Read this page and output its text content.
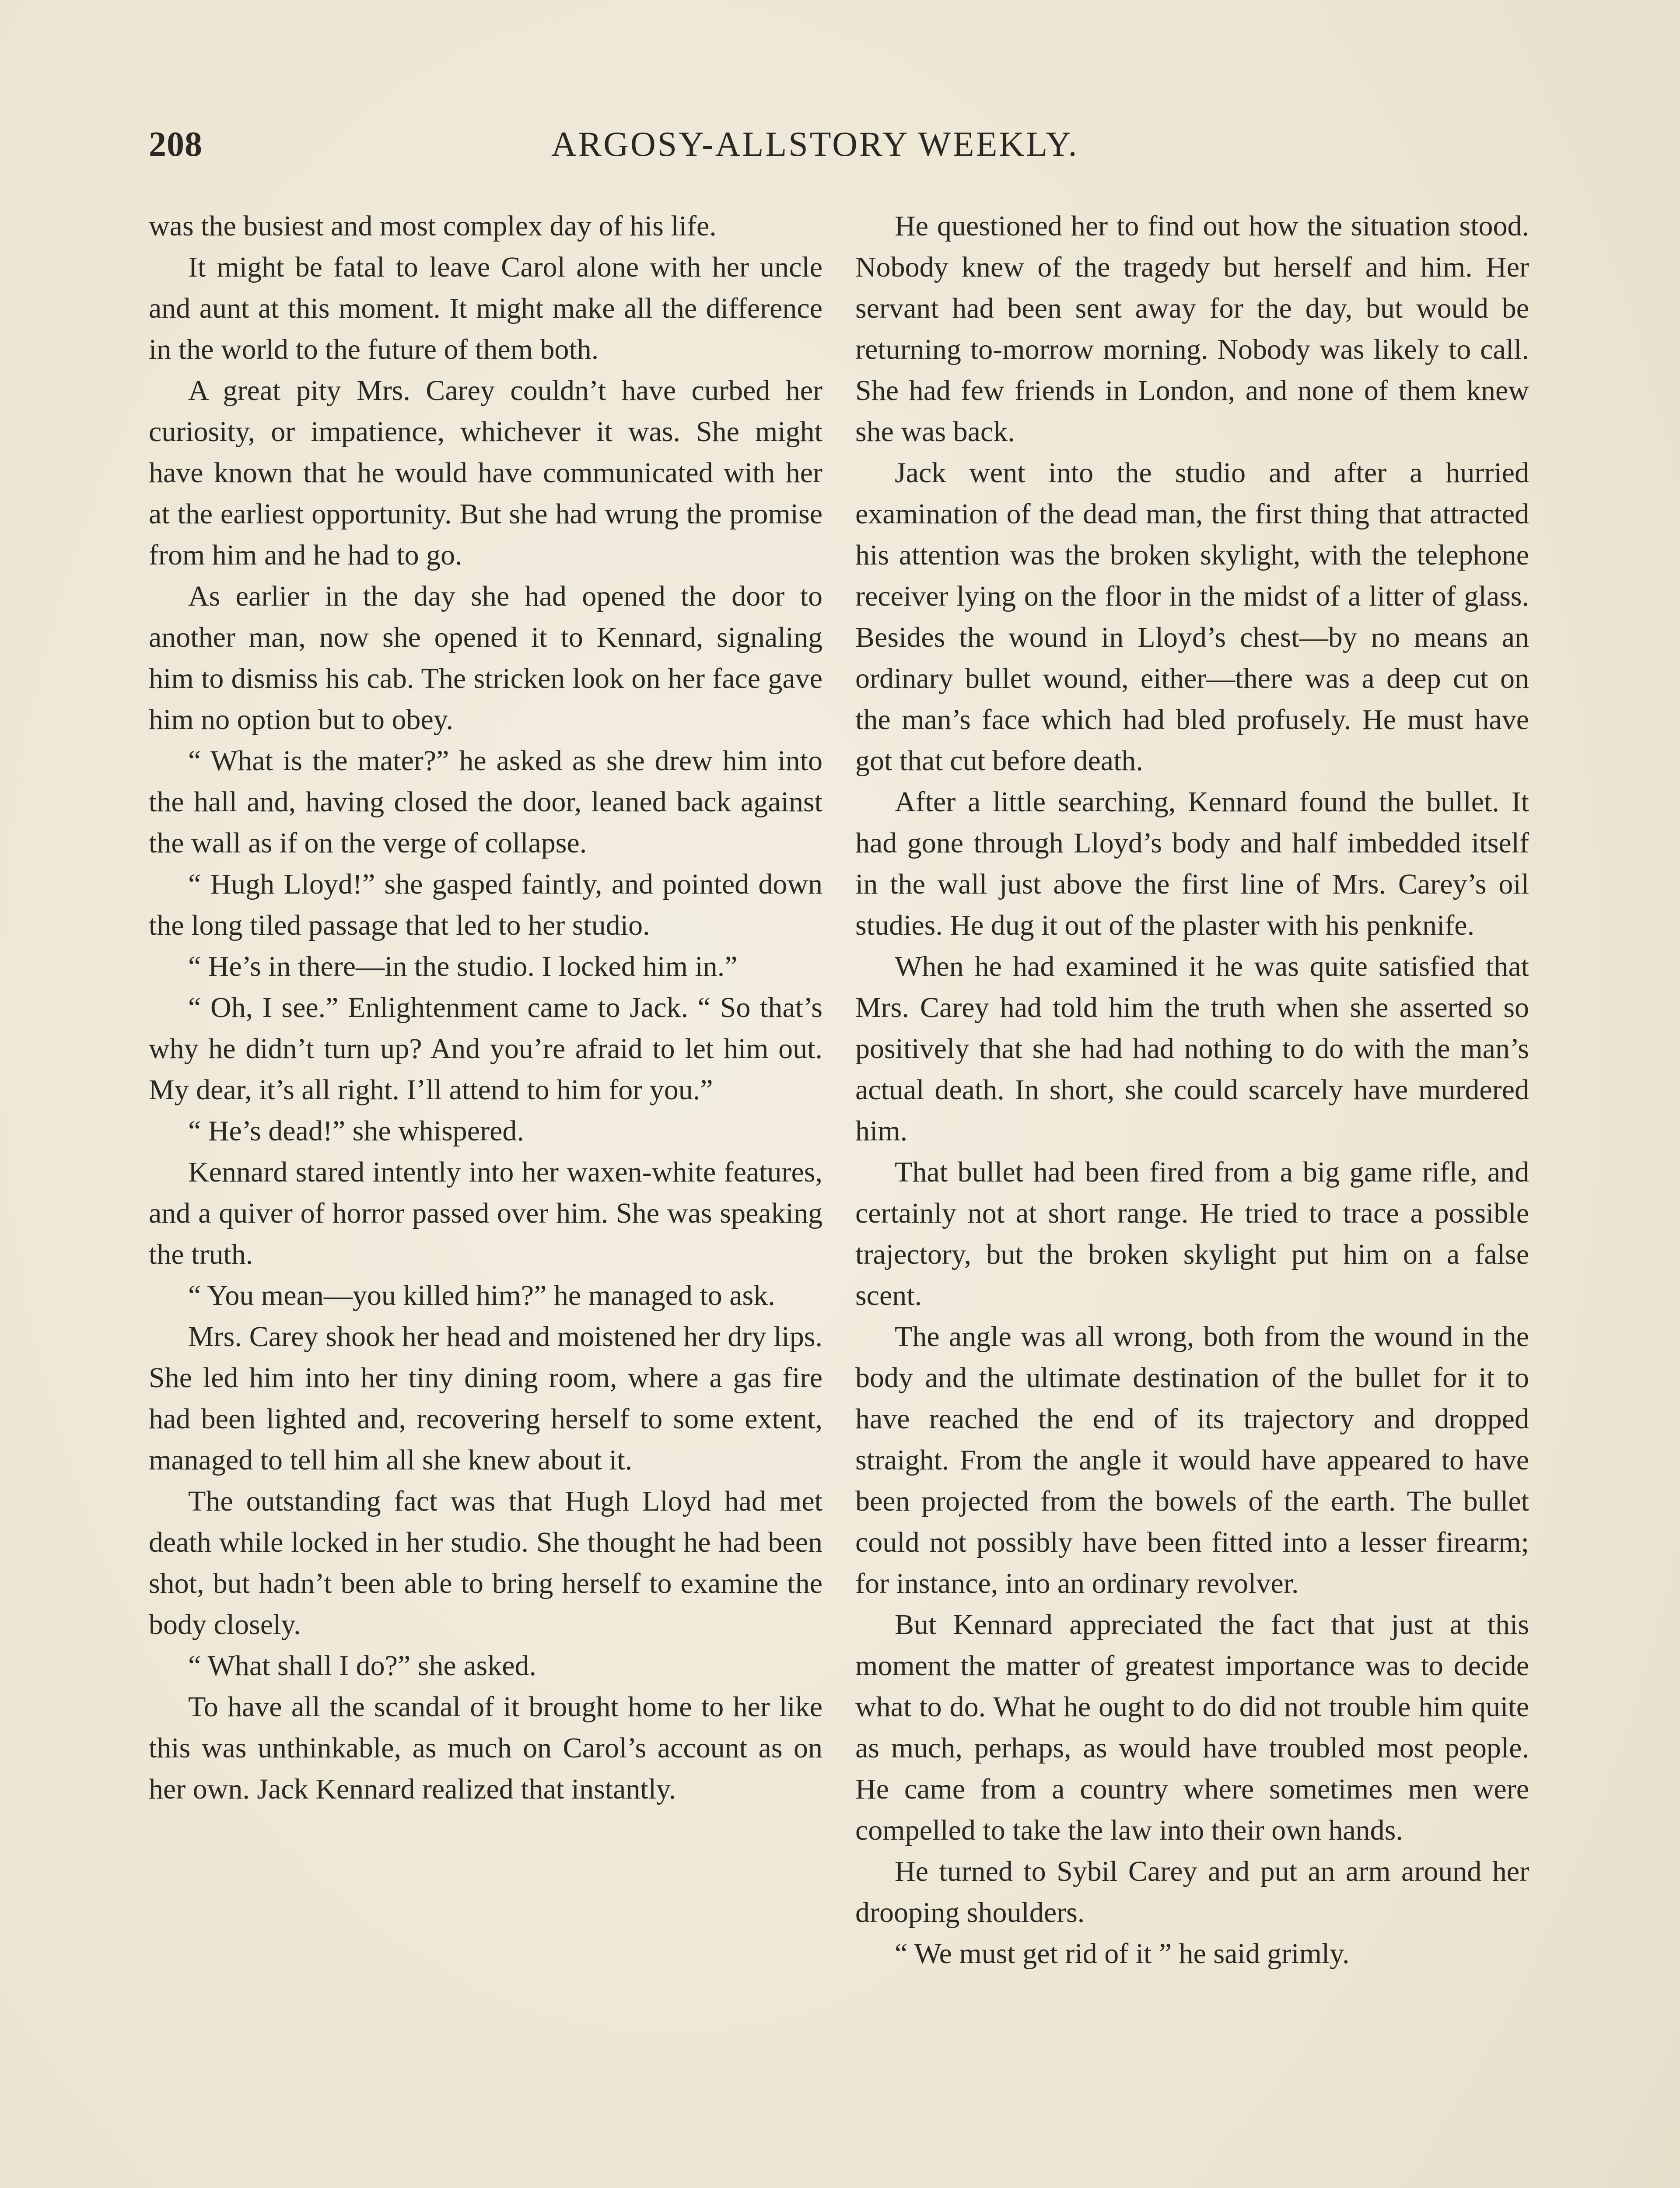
208	ARGOSY-ALLSTORY WEEKLY.

was the busiest and most complex day of his life.

It might be fatal to leave Carol alone with her uncle and aunt at this moment. It might make all the difference in the world to the future of them both.

A great pity Mrs. Carey couldn’t have curbed her curiosity, or impatience, whichever it was. She might have known that he would have communicated with her at the earliest opportunity. But she had wrung the promise from him and he had to go.

As earlier in the day she had opened the door to another man, now she opened it to Kennard, signaling him to dismiss his cab. The stricken look on her face gave him no option but to obey.

“ What is the mater?” he asked as she drew him into the hall and, having closed the door, leaned back against the wall as if on the verge of collapse.

“ Hugh Lloyd!” she gasped faintly, and pointed down the long tiled passage that led to her studio.

“ He’s in there—in the studio. I locked him in.”

“ Oh, I see.” Enlightenment came to Jack. “ So that’s why he didn’t turn up? And you’re afraid to let him out. My dear, it’s all right. I’ll attend to him for you.”

“ He’s dead!” she whispered.

Kennard stared intently into her waxen-white features, and a quiver of horror passed over him. She was speaking the truth.

“ You mean—you killed him?” he managed to ask.

Mrs. Carey shook her head and moistened her dry lips. She led him into her tiny dining room, where a gas fire had been lighted and, recovering herself to some extent, managed to tell him all she knew about it.

The outstanding fact was that Hugh Lloyd had met death while locked in her studio. She thought he had been shot, but hadn’t been able to bring herself to examine the body closely.

“ What shall I do?” she asked.

To have all the scandal of it brought home to her like this was unthinkable, as much on Carol’s account as on her own. Jack Kennard realized that instantly.

He questioned her to find out how the situation stood. Nobody knew of the tragedy but herself and him. Her servant had been sent away for the day, but would be returning to-morrow morning. Nobody was likely to call. She had few friends in London, and none of them knew she was back.

Jack went into the studio and after a hurried examination of the dead man, the first thing that attracted his attention was the broken skylight, with the telephone receiver lying on the floor in the midst of a litter of glass. Besides the wound in Lloyd’s chest—by no means an ordinary bullet wound, either—there was a deep cut on the man’s face which had bled profusely. He must have got that cut before death.

After a little searching, Kennard found the bullet. It had gone through Lloyd’s body and half imbedded itself in the wall just above the first line of Mrs. Carey’s oil studies. He dug it out of the plaster with his penknife.

When he had examined it he was quite satisfied that Mrs. Carey had told him the truth when she asserted so positively that she had had nothing to do with the man’s actual death. In short, she could scarcely have murdered him.

That bullet had been fired from a big game rifle, and certainly not at short range. He tried to trace a possible trajectory, but the broken skylight put him on a false scent.

The angle was all wrong, both from the wound in the body and the ultimate destination of the bullet for it to have reached the end of its trajectory and dropped straight. From the angle it would have appeared to have been projected from the bowels of the earth. The bullet could not possibly have been fitted into a lesser firearm; for instance, into an ordinary revolver.

But Kennard appreciated the fact that just at this moment the matter of greatest importance was to decide what to do. What he ought to do did not trouble him quite as much, perhaps, as would have troubled most people. He came from a country where sometimes men were compelled to take the law into their own hands.

He turned to Sybil Carey and put an arm around her drooping shoulders.

“ We must get rid of it ” he said grimly.
